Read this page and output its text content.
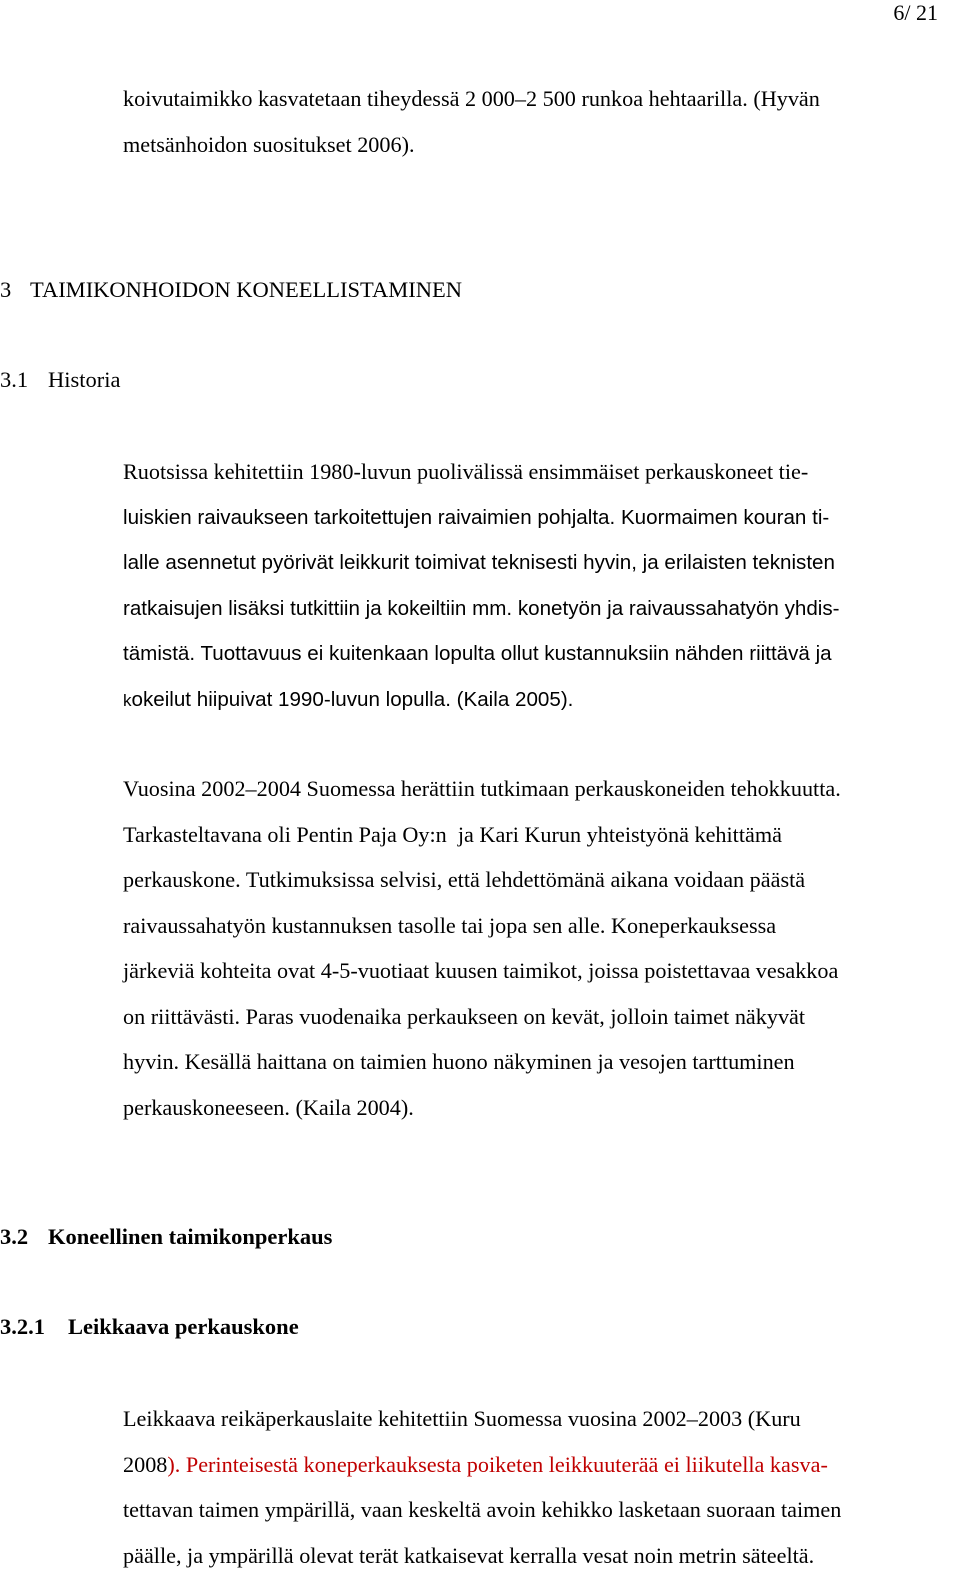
6/ 21
koivutaimikko kasvatetaan tiheydessä 2 000–2 500 runkoa hehtaarilla. (Hyvän
metsänhoidon suositukset 2006).
3 TAIMIKONHOIDON KONEELLISTAMINEN
3.1 Historia
Ruotsissa kehitettiin 1980-luvun puolivälissä ensimmäiset perkauskoneet tie-
luiskien raivaukseen tarkoitettujen raivaimien pohjalta. Kuormaimen kouran ti-
lalle asennetut pyörivät leikkurit toimivat teknisesti hyvin, ja erilaisten teknisten
ratkaisujen lisäksi tutkittiin ja kokeiltiin mm. konetyön ja raivaussahatyön yhdis-
tämistä. Tuottavuus ei kuitenkaan lopulta ollut kustannuksiin nähden riittävä ja
kokeilut hiipuivat 1990-luvun lopulla. (Kaila 2005).
Vuosina 2002–2004 Suomessa herättiin tutkimaan perkauskoneiden tehokkuutta.
Tarkasteltavana oli Pentin Paja Oy:n  ja Kari Kurun yhteistyönä kehittämä
perkauskone. Tutkimuksissa selvisi, että lehdettömänä aikana voidaan päästä
raivaussahatyön kustannuksen tasolle tai jopa sen alle. Koneperkauksessa
järkeviä kohteita ovat 4-5-vuotiaat kuusen taimikot, joissa poistettavaa vesakkoa
on riittävästi. Paras vuodenaika perkaukseen on kevät, jolloin taimet näkyvät
hyvin. Kesällä haittana on taimien huono näkyminen ja vesojen tarttuminen
perkauskoneeseen. (Kaila 2004).
3.2 Koneellinen taimikonperkaus
3.2.1 Leikkaava perkauskone
Leikkaava reikäperkauslaite kehitettiin Suomessa vuosina 2002–2003 (Kuru
2008). Perinteisestä koneperkauksesta poiketen leikkuuterää ei liikutella kasva-
tettavan taimen ympärillä, vaan keskeltä avoin kehikko lasketaan suoraan taimen
päälle, ja ympärillä olevat terät katkaisevat kerralla vesat noin metrin säteeltä.
